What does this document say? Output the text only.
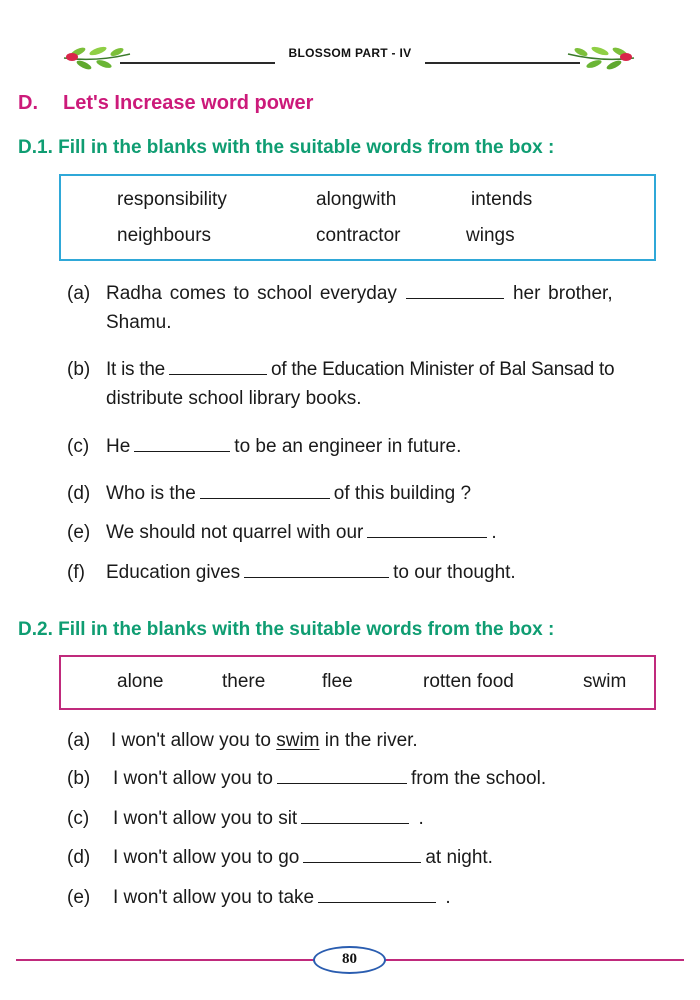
BLOSSOM PART - IV
D. Let's Increase word power
D.1. Fill in the blanks with the suitable words from the box :
responsibility	alongwith	intends
neighbours	contractor	wings
(a) Radha comes to school everyday	her brother,
Shamu.
(b) It is the	of the Education Minister of Bal Sansad to
distribute school library books.
(c) He	to be an engineer in future.
(d) Who is the	of this building ?
(e) We should not quarrel with our	.
(f) Education gives	to our thought.
D.2. Fill in the blanks with the suitable words from the box :
alone	there	flee	rotten food	swim
(a) I won't allow you to swim in the river.
(b) I won't allow you to	from the school.
(c) I won't allow you to sit	.
(d) I won't allow you to go	at night.
(e) I won't allow you to take	.
80
